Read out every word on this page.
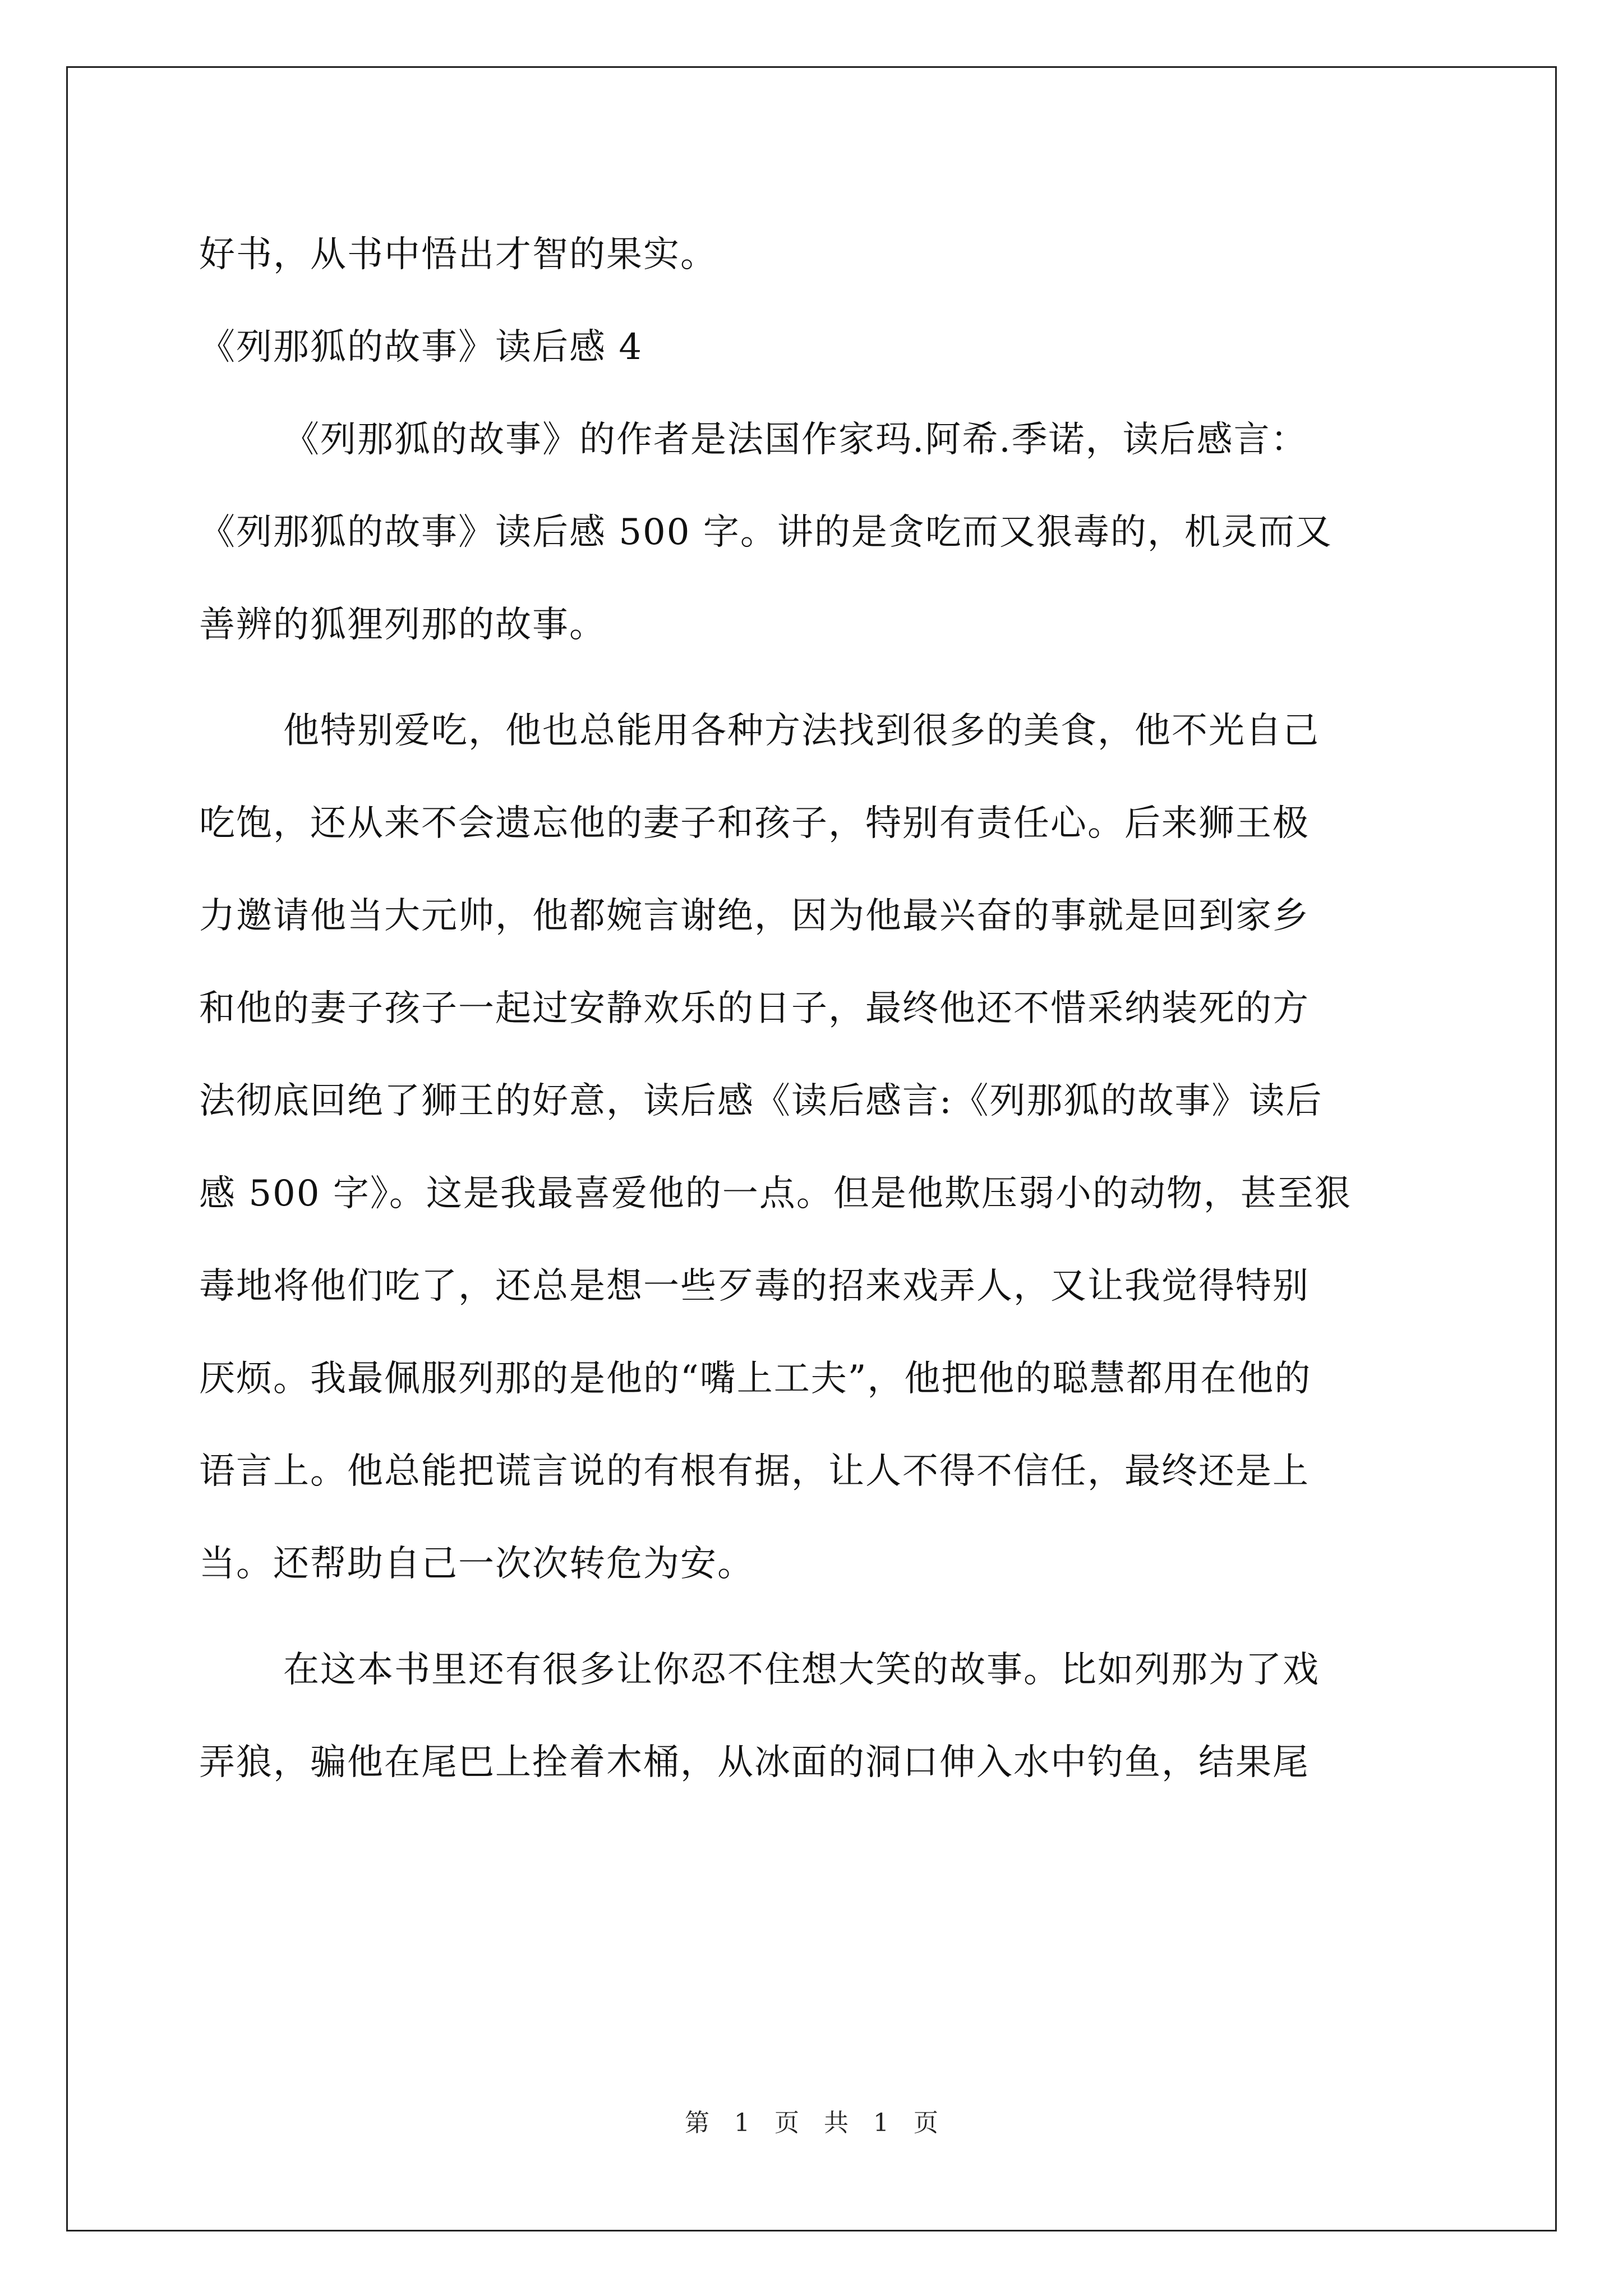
好书，从书中悟出才智的果实。
《列那狐的故事》读后感 4
《列那狐的故事》的作者是法国作家玛.阿希.季诺，读后感言：
《列那狐的故事》读后感 500 字。讲的是贪吃而又狠毒的，机灵而又
善辨的狐狸列那的故事。
他特别爱吃，他也总能用各种方法找到很多的美食，他不光自己
吃饱，还从来不会遗忘他的妻子和孩子，特别有责任心。后来狮王极
力邀请他当大元帅，他都婉言谢绝，因为他最兴奋的事就是回到家乡
和他的妻子孩子一起过安静欢乐的日子，最终他还不惜采纳装死的方
法彻底回绝了狮王的好意，读后感《读后感言:《列那狐的故事》读后
感 500 字》。这是我最喜爱他的一点。但是他欺压弱小的动物，甚至狠
毒地将他们吃了，还总是想一些歹毒的招来戏弄人，又让我觉得特别
厌烦。我最佩服列那的是他的“嘴上工夫”，他把他的聪慧都用在他的
语言上。他总能把谎言说的有根有据，让人不得不信任，最终还是上
当。还帮助自己一次次转危为安。
在这本书里还有很多让你忍不住想大笑的故事。比如列那为了戏
弄狼，骗他在尾巴上拴着木桶，从冰面的洞口伸入水中钓鱼，结果尾
第 1 页　共 1 页
